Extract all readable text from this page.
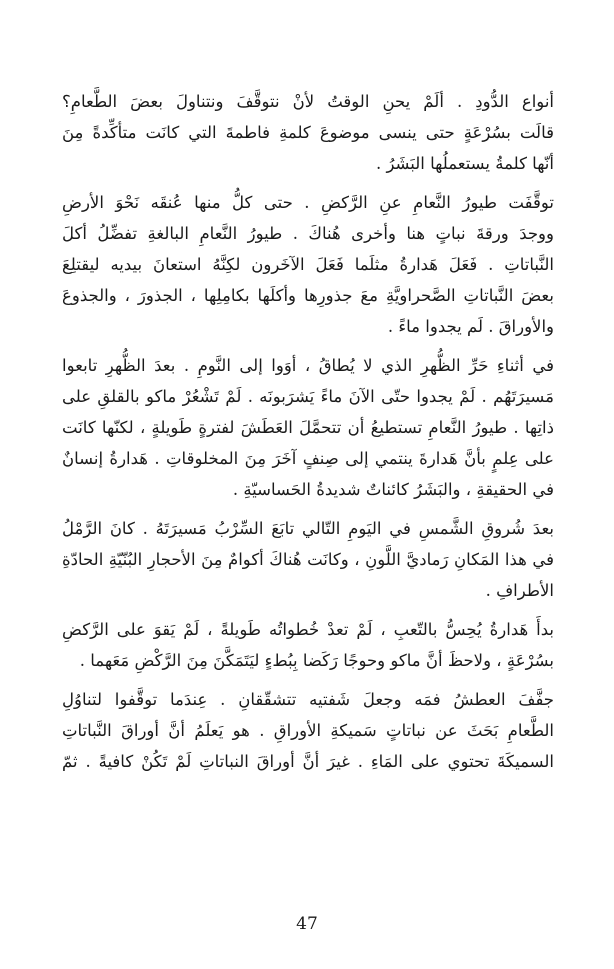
أنواع الدُّودِ . ألَمْ يحنِ الوقتُ لأنْ نتوقَّفَ ونتناولَ بعضَ الطَّعامِ؟
قالَت بسُرْعَةٍ حتى ينسى موضوعَ كلمةِ فاطمةَ التي كانَت متأكِّدةً مِنَ
أنّها كلمةُ يستعملُها البَشَرُ .
توقَّفَت طيورُ النَّعامِ عنِ الرَّكضِ . حتى كلُّ منها عُنقَه نَحْوَ الأرضِ
ووجدَ ورقةَ نباتٍ هنا وأخرى هُناكَ . طيورُ النَّعامِ البالغةِ تفضِّلُ أكلَ
النَّباتاتِ . فَعَلَ هَدارةُ مثلَما فَعَلَ الآخَرون لكِنَّهُ استعانَ بيديه ليقتلِعَ
بعضَ النَّباتاتِ الصَّحراويَّةِ معَ جذورِها وأكلَها بكامِلِها ، الجذورَ ، والجذوعَ
والأوراقَ . لَم يجدوا ماءً .
في أثناءِ حَرِّ الظُّهرِ الذي لا يُطاقُ ، أوَوا إلى النَّومِ . بعدَ الظُّهرِ تابعوا
مَسيرَتَهُم . لَمْ يجدوا حتّى الآنَ ماءً يَشرَبونَه . لَمْ تَشْعُرْ ماكو بالقلقِ على
ذاتِها . طيورُ النَّعامِ تستطيعُ أن تتحمَّلَ العَطَشَ لفترةٍ طَويلةٍ ، لكنّها كانَت
على عِلمٍ بأنَّ هَدارةَ ينتمي إلى صِنفٍ آخَرَ مِنَ المخلوقاتِ . هَدارةُ إنسانٌ
في الحقيقةِ ، والبَشَرُ كائناتٌ شديدةُ الحَساسيّةِ .
بعدَ شُروقِ الشَّمسِ في اليَومِ التّالي تابَعَ السِّرْبُ مَسيرَتَهُ . كانَ الرَّمْلُ
في هذا المَكانِ رَماديَّ اللَّونِ ، وكانَت هُناكَ أكوامٌ مِنَ الأحجارِ البُنّيّةِ الحادّةِ
الأطرافِ .
بدأَ هَدارةُ يُحِسُّ بالتّعبِ ، لَمْ تعدْ خُطواتُه طَويلةً ، لَمْ يَقوَ على الرَّكضِ
بسُرْعَةٍ ، ولاحظَ أنَّ ماكو وحوجًا رَكَضا بِبُطءٍ ليَتَمَكَّنَ مِنَ الرَّكْضِ مَعَهما .
جفَّفَ العطشُ فمَه وجعلَ شَفتيه تتشقّقانِ . عِندَما توقَّفوا لتناوُلِ
الطَّعامِ بَحَثَ عن نباتاتٍ سَميكةِ الأوراقِ . هو يَعلَمُ أنَّ أوراقَ النَّباتاتِ
السميكَةَ تحتوي على المَاءِ . غيرَ أنَّ أوراقَ النباتاتِ لَمْ تَكُنْ كافيةً . ثمّ
47
